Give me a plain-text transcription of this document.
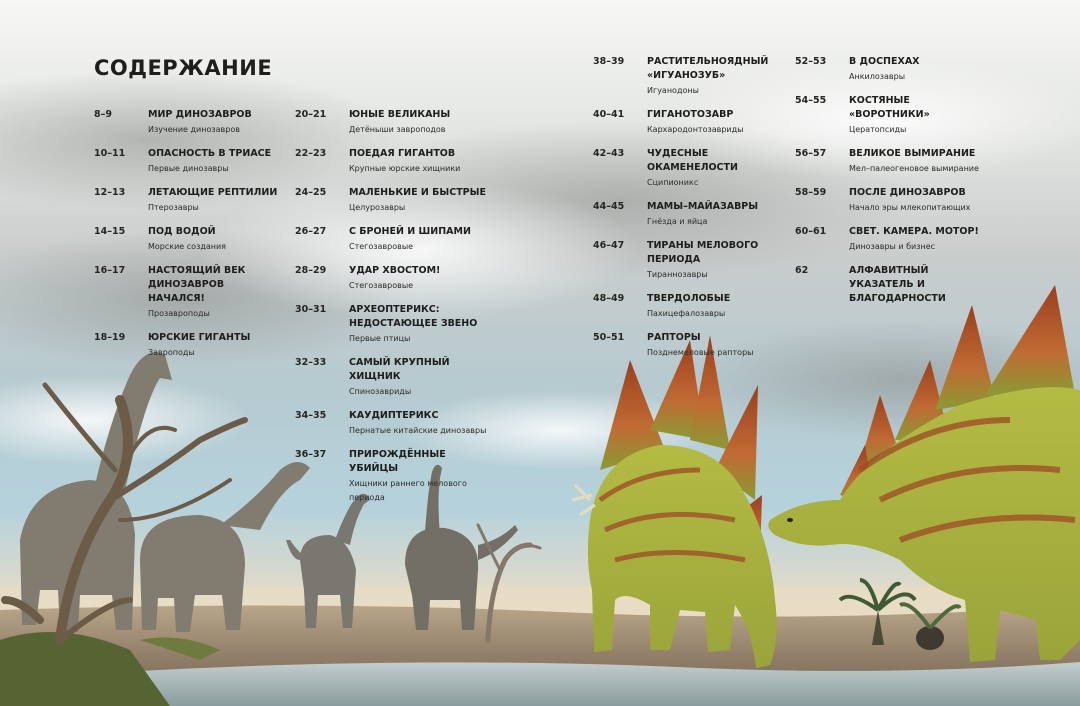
СОДЕРЖАНИЕ
8–9	МИР ДИНОЗАВРОВ
Изучение динозавров
10–11 ОПАСНОСТЬ В ТРИАСЕ
Первые динозавры
12–13 ЛЕТАЮЩИЕ РЕПТИЛИИ
Птерозавры
14–15 ПОД ВОДОЙ
Морские создания
16–17 НАСТОЯЩИЙ ВЕК ДИНОЗАВРОВ НАЧАЛСЯ!
Прозавроподы
18–19 ЮРСКИЕ ГИГАНТЫ
Завроподы
20–21 ЮНЫЕ ВЕЛИКАНЫ
Детёныши завроподов
22–23 ПОЕДАЯ ГИГАНТОВ
Крупные юрские хищники
24–25 МАЛЕНЬКИЕ И БЫСТРЫЕ
Целурозавры
26–27 С БРОНЕЙ И ШИПАМИ
Стегозавровые
28–29 УДАР ХВОСТОМ!
Стегозавровые
30–31 АРХЕОПТЕРИКС: НЕДОСТАЮЩЕЕ ЗВЕНО
Первые птицы
32–33 САМЫЙ КРУПНЫЙ ХИЩНИК
Спинозавриды
34–35 КАУДИПТЕРИКС
Пернатые китайские динозавры
36–37 ПРИРОЖДЁННЫЕ УБИЙЦЫ
Хищники раннего мелового периода
38–39 РАСТИТЕЛЬНОЯДНЫЙ «ИГУАНОЗУБ»
Игуанодоны
40–41 ГИГАНОТОЗАВР
Кархародонтозавриды
42–43 ЧУДЕСНЫЕ ОКАМЕНЕЛОСТИ
Сципионикс
44–45 МАМЫ–МАЙАЗАВРЫ
Гнёзда и яйца
46–47 ТИРАНЫ МЕЛОВОГО ПЕРИОДА
Тираннозавры
48–49 ТВЕРДОЛОБЫЕ
Пахицефалозавры
50–51 РАПТОРЫ
Позднемеловые рапторы
52–53 В ДОСПЕХАХ
Анкилозавры
54–55 КОСТЯНЫЕ «ВОРОТНИКИ»
Цератопсиды
56–57 ВЕЛИКОЕ ВЫМИРАНИЕ
Мел–палеогеновое вымирание
58–59 ПОСЛЕ ДИНОЗАВРОВ
Начало эры млекопитающих
60–61 СВЕТ. КАМЕРА. МОТОР!
Динозавры и бизнес
62	АЛФАВИТНЫЙ УКАЗАТЕЛЬ И БЛАГОДАРНОСТИ
